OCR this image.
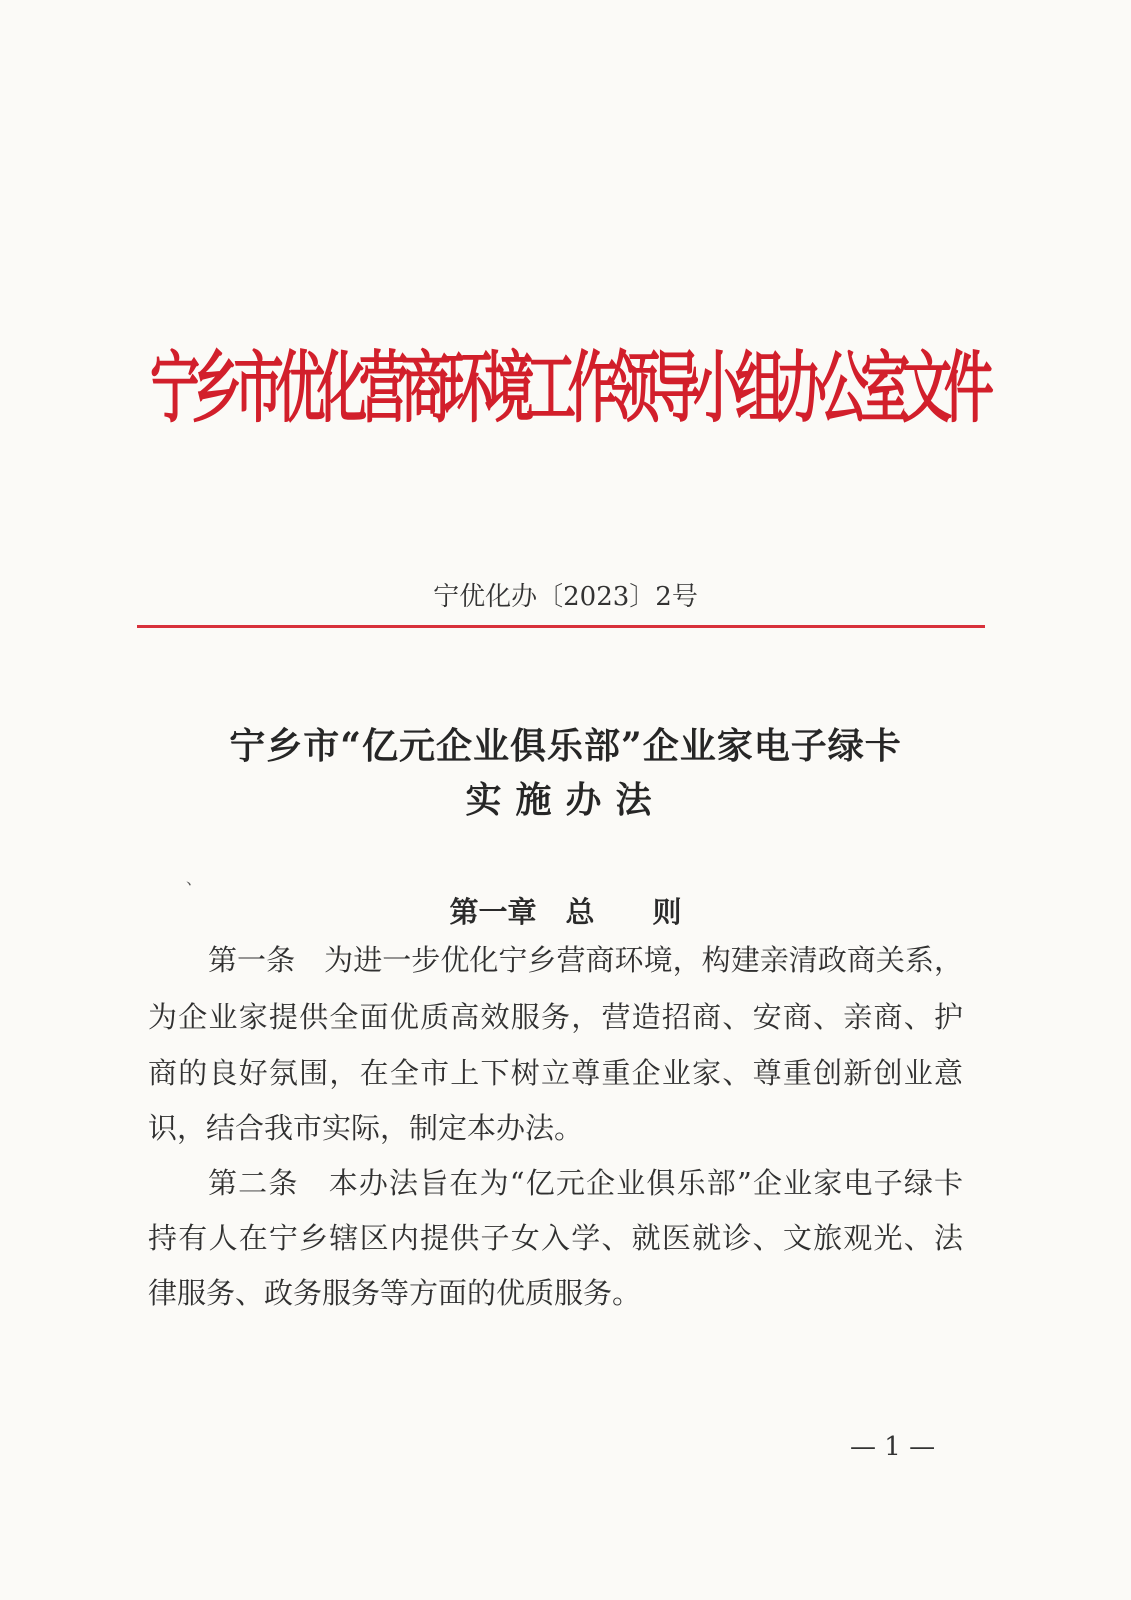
宁
乡
市
优
化
营
商
环
境
工
作
领
导
小
组
办
公
室
文
件
宁优化办〔2023〕2号
宁乡市“亿元企业俱乐部”企业家电子绿卡
实施办法
、
第一章　总　　则
第一条　为进一步优化宁乡营商环境，构建亲清政商关系，
为企业家提供全面优质高效服务，营造招商、安商、亲商、护
商的良好氛围，在全市上下树立尊重企业家、尊重创新创业意
识，结合我市实际，制定本办法。
第二条　本办法旨在为“亿元企业俱乐部”企业家电子绿卡
持有人在宁乡辖区内提供子女入学、就医就诊、文旅观光、法
律服务、政务服务等方面的优质服务。
— 1 —
